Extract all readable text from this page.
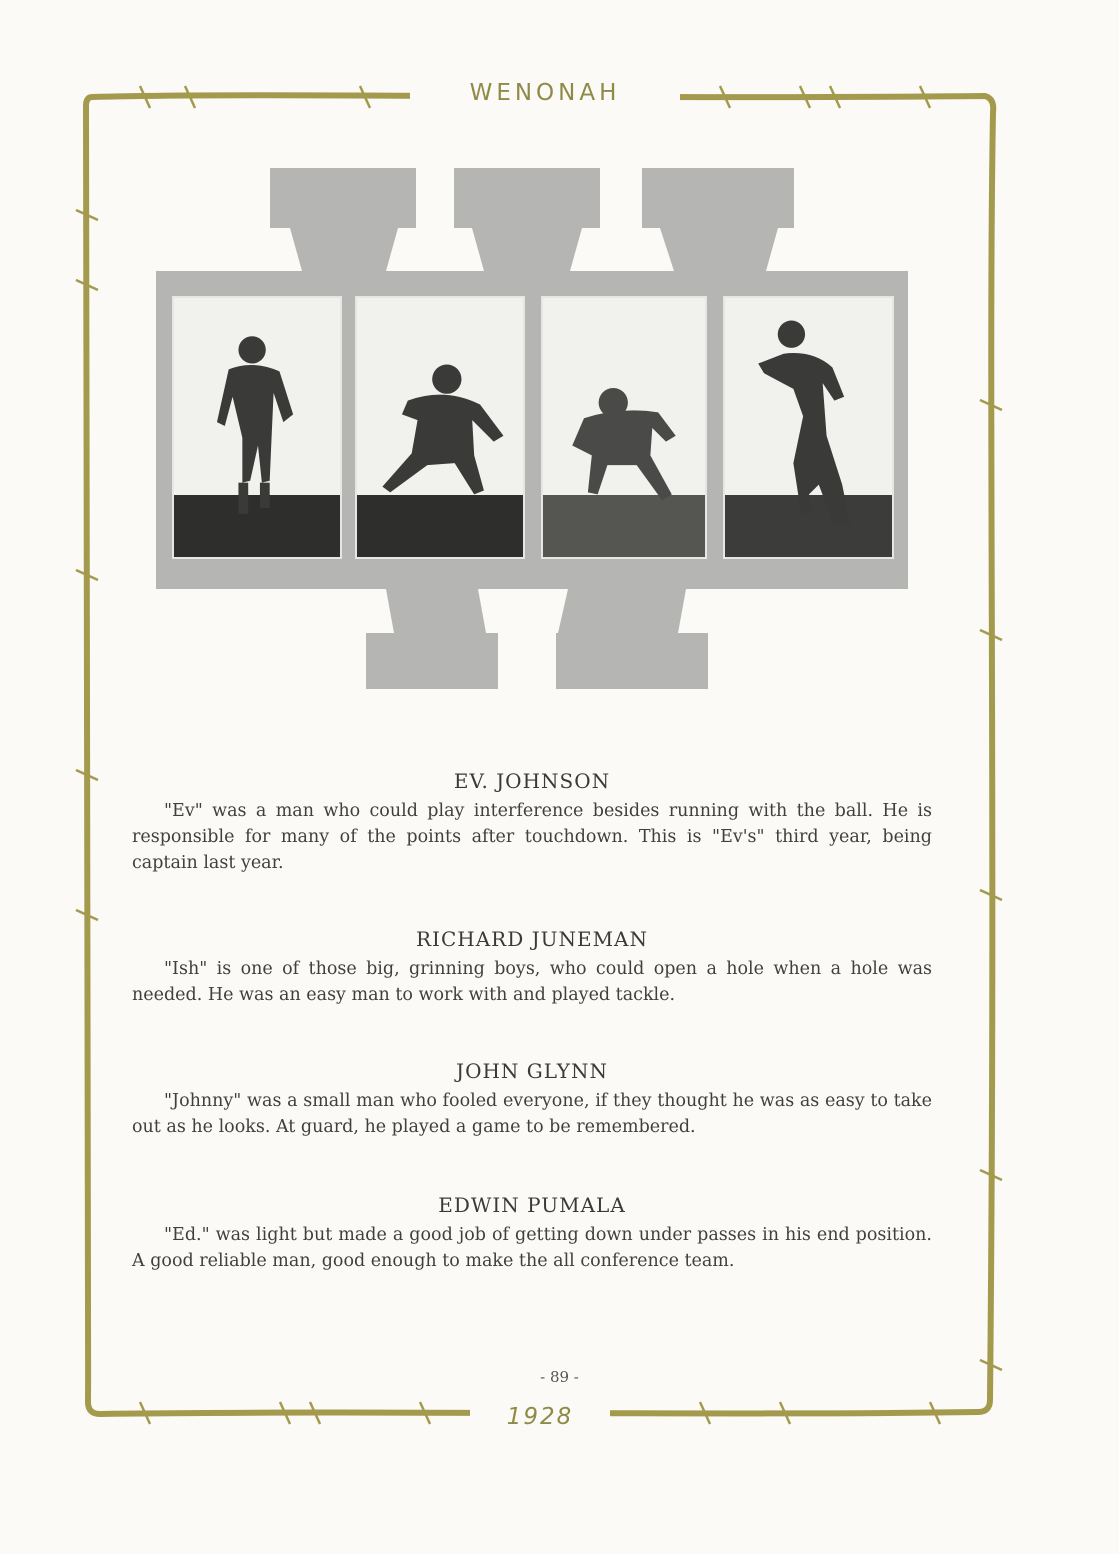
WENONAH
EV. JOHNSON

"Ev" was a man who could play interference besides running with the ball. He is responsible for many of the points after touchdown. This is "Ev's" third year, being captain last year.

RICHARD JUNEMAN

"Ish" is one of those big, grinning boys, who could open a hole when a hole was needed. He was an easy man to work with and played tackle.

JOHN GLYNN

"Johnny" was a small man who fooled everyone, if they thought he was as easy to take out as he looks. At guard, he played a game to be remembered.

EDWIN PUMALA

"Ed." was light but made a good job of getting down under passes in his end position. A good reliable man, good enough to make the all conference team.

- 89 -
1928
